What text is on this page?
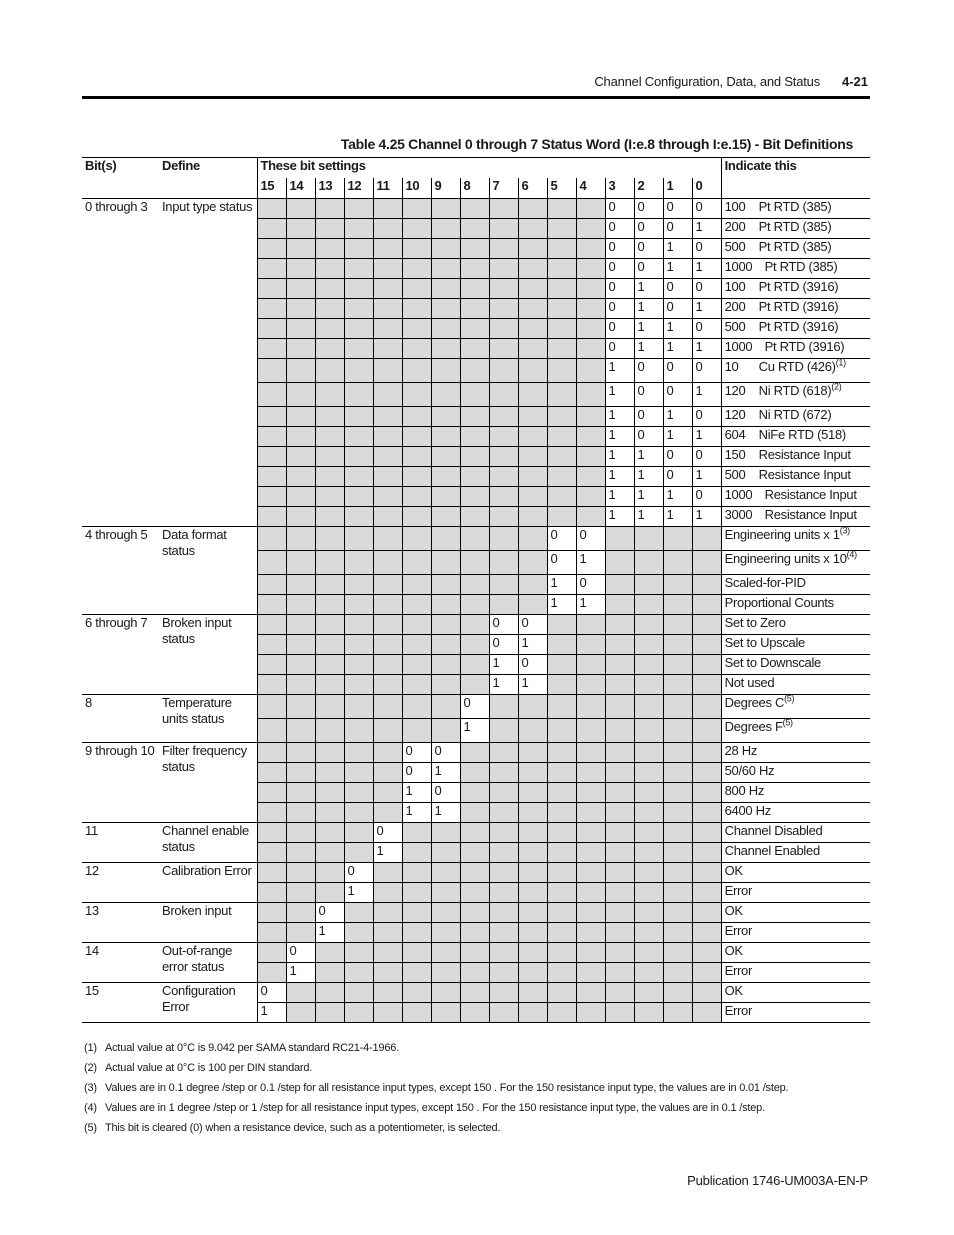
Channel Configuration, Data, and Status 4-21
Table 4.25 Channel 0 through 7 Status Word (I:e.8 through I:e.15) - Bit Definitions
Bit(s)	Define	These bit settings																Indicate this
		15	14	13	12	11	10	9	8	7	6	5	4	3	2	1	0	
0 through 3	Input type status													0	0	0	0	100 Pt RTD (385)
														0	0	0	1	200 Pt RTD (385)
														0	0	1	0	500 Pt RTD (385)
														0	0	1	1	1000 Pt RTD (385)
														0	1	0	0	100 Pt RTD (3916)
														0	1	0	1	200 Pt RTD (3916)
														0	1	1	0	500 Pt RTD (3916)
														0	1	1	1	1000 Pt RTD (3916)
														1	0	0	0	10 Cu RTD $(426)^{(1)}$
														1	0	0	1	120 Ni RTD $(618)^{(2)}$
														1	0	1	0	120 Ni RTD (672)
														1	0	1	1	604 NiFe RTD (518)
														1	1	0	0	150 Resistance Input
														1	1	0	1	500 Resistance Input
														1	1	1	0	1000 Resistance Input
														1	1	1	1	3000 Resistance Input
4 through 5	Data format status											0	0					Engineering units x 1$^{(3)}$
												0	1					Engineering units x 10$^{(4)}$
												1	0					Scaled-for-PID
												1	1					Proportional Counts
6 through 7	Broken input status									0	0							Set to Zero
										0	1							Set to Upscale
										1	0							Set to Downscale
										1	1							Not used
8	Temperature units status								0									Degrees $C^{(5)}$
									1									Degrees $F^{(5)}$
9 through 10	Filter frequency status						0	0										28 Hz
							0	1										50/60 Hz
							1	0										800 Hz
							1	1										6400 Hz
11	Channel enable status					0												Channel Disabled
						1												Channel Enabled
12	Calibration Error				0													OK
					1													Error
13	Broken input			0														OK
				1														Error
14	Out-of-range error status		0															OK
			1															Error
15	Configuration Error	0																OK
		1																Error
(1) Actual value at 0°C is 9.042 per SAMA standard RC21-4-1966.
(2) Actual value at 0°C is 100 per DIN standard.
(3) Values are in 0.1 degree /step or 0.1 /step for all resistance input types, except 150 . For the 150 resistance input type, the values are in 0.01 /step.
(4) Values are in 1 degree /step or 1 /step for all resistance input types, except 150 . For the 150 resistance input type, the values are in 0.1 /step.
(5) This bit is cleared (0) when a resistance device, such as a potentiometer, is selected.
Publication 1746-UM003A-EN-P
